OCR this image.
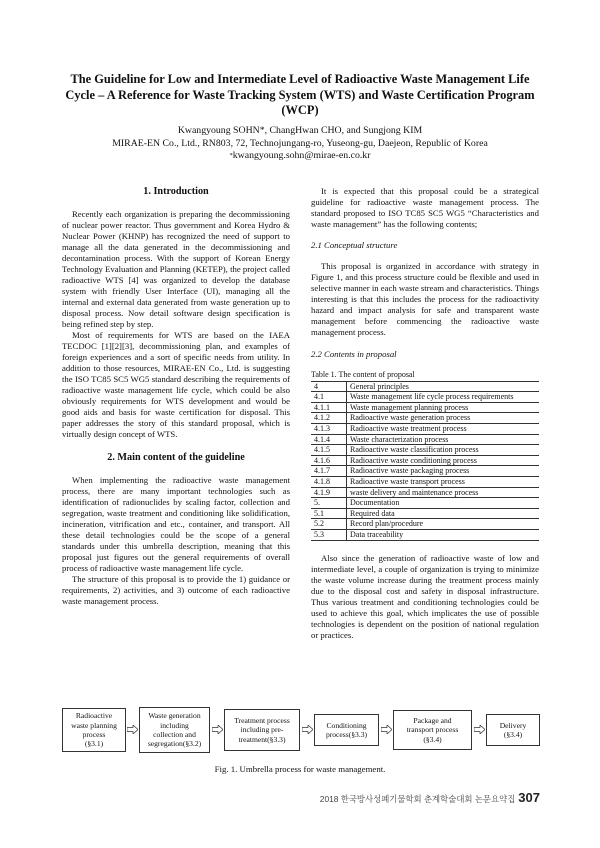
The Guideline for Low and Intermediate Level of Radioactive Waste Management Life
Cycle – A Reference for Waste Tracking System (WTS) and Waste Certification Program
(WCP)
Kwangyoung SOHN*, ChangHwan CHO, and Sungjong KIM
MIRAE-EN Co., Ltd., RN803, 72, Technojungang-ro, Yuseong-gu, Daejeon, Republic of Korea
*kwangyoung.sohn@mirae-en.co.kr
1. Introduction

Recently each organization is preparing the decommissioning of nuclear power reactor. Thus government and Korea Hydro & Nuclear Power (KHNP) has recognized the need of support to manage all the data generated in the decommissioning and decontamination process. With the support of Korean Energy Technology Evaluation and Planning (KETEP), the project called radioactive WTS [4] was organized to develop the database system with friendly User Interface (UI), managing all the internal and external data generated from waste generation up to disposal process. Now detail software design specification is being refined step by step.

Most of requirements for WTS are based on the IAEA TECDOC [1][2][3], decommissioning plan, and examples of foreign experiences and a sort of specific needs from utility. In addition to those resources, MIRAE-EN Co., Ltd. is suggesting the ISO TC85 SC5 WG5 standard describing the requirements of radioactive waste management life cycle, which could be also obviously requirements for WTS development and would be good aids and basis for waste certification for disposal. This paper addresses the story of this standard proposal, which is virtually design concept of WTS.

2. Main content of the guideline

When implementing the radioactive waste management process, there are many important technologies such as identification of radionuclides by scaling factor, collection and segregation, waste treatment and conditioning like solidification, incineration, vitrification and etc., container, and transport. All these detail technologies could be the scope of a general standards under this umbrella description, meaning that this proposal just figures out the general requirements of overall process of radioactive waste management life cycle.

The structure of this proposal is to provide the 1) guidance or requirements, 2) activities, and 3) outcome of each radioactive waste management process.

It is expected that this proposal could be a strategical guideline for radioactive waste management process. The standard proposed to ISO TC85 SC5 WG5 “Characteristics and waste management” has the following contents;

2.1 Conceptual structure

This proposal is organized in accordance with strategy in Figure 1, and this process structure could be flexible and used in selective manner in each waste stream and characteristics. Things interesting is that this includes the process for the radioactivity hazard and impact analysis for safe and transparent waste management before commencing the radioactive waste management process.

2.2 Contents in proposal

Table 1. The content of proposal
4	General principles
4.1	Waste management life cycle process requirements
4.1.1	Waste management planning process
4.1.2	Radioactive waste generation process
4.1.3	Radioactive waste treatment process
4.1.4	Waste characterization process
4.1.5	Radioactive waste classification process
4.1.6	Radioactive waste conditioning process
4.1.7	Radioactive waste packaging process
4.1.8	Radioactive waste transport process
4.1.9	waste delivery and maintenance process
5.	Documentation
5.1	Required data
5.2	Record plan/procedure
5.3	Data traceability

Also since the generation of radioactive waste of low and intermediate level, a couple of organization is trying to minimize the waste volume increase during the treatment process mainly due to the disposal cost and safety in disposal infrastructure. Thus various treatment and conditioning technologies could be used to achieve this goal, which implicates the use of possible technologies is dependent on the position of national regulation or practices.

Radioactive
waste planning
process
(§3.1)
Waste generation
including
collection and
segregation(§3.2)
Treatment process
including pre-
treatment(§3.3)
Conditioning
process(§3.3)
Package and
transport process
(§3.4)
Delivery
(§3.4)
Fig. 1. Umbrella process for waste management.
2018 한국방사성폐기물학회 춘계학술대회 논문요약집 307
